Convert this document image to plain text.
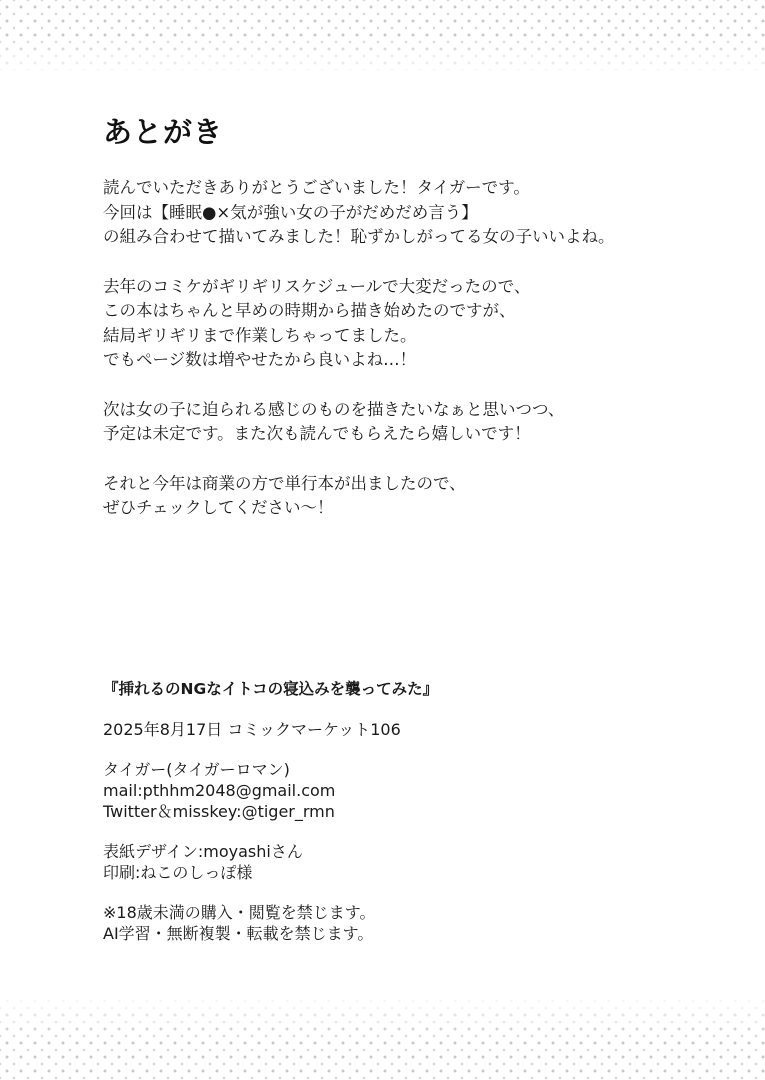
あとがき

読んでいただきありがとうございました！タイガーです。
今回は【睡眠●×気が強い女の子がだめだめ言う】
の組み合わせて描いてみました！恥ずかしがってる女の子いいよね。

去年のコミケがギリギリスケジュールで大変だったので、
この本はちゃんと早めの時期から描き始めたのですが、
結局ギリギリまで作業しちゃってました。
でもページ数は増やせたから良いよね…！

次は女の子に迫られる感じのものを描きたいなぁと思いつつ、
予定は未定です。また次も読んでもらえたら嬉しいです！

それと今年は商業の方で単行本が出ましたので、
ぜひチェックしてください〜！

『挿れるのNGなイトコの寝込みを襲ってみた』

2025年8月17日 コミックマーケット106
タイガー(タイガーロマン)
mail:pthhm2048@gmail.com
Twitter＆misskey:@tiger_rmn
表紙デザイン:moyashiさん
印刷:ねこのしっぽ様
※18歳未満の購入・閲覧を禁じます。
AI学習・無断複製・転載を禁じます。
